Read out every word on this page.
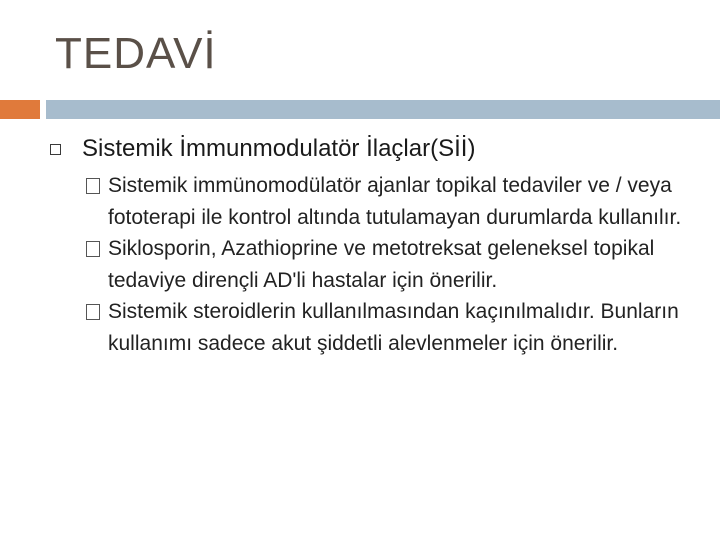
TEDAVİ
Sistemik İmmunmodulatör İlaçlar(Sİİ)
Sistemik immünomodülatör ajanlar topikal tedaviler ve / veya fototerapi ile kontrol altında tutulamayan durumlarda kullanılır.
Siklosporin, Azathioprine ve metotreksat geleneksel topikal tedaviye dirençli AD'li hastalar için önerilir.
Sistemik steroidlerin kullanılmasından kaçınılmalıdır. Bunların kullanımı sadece akut şiddetli alevlenmeler için önerilir.
